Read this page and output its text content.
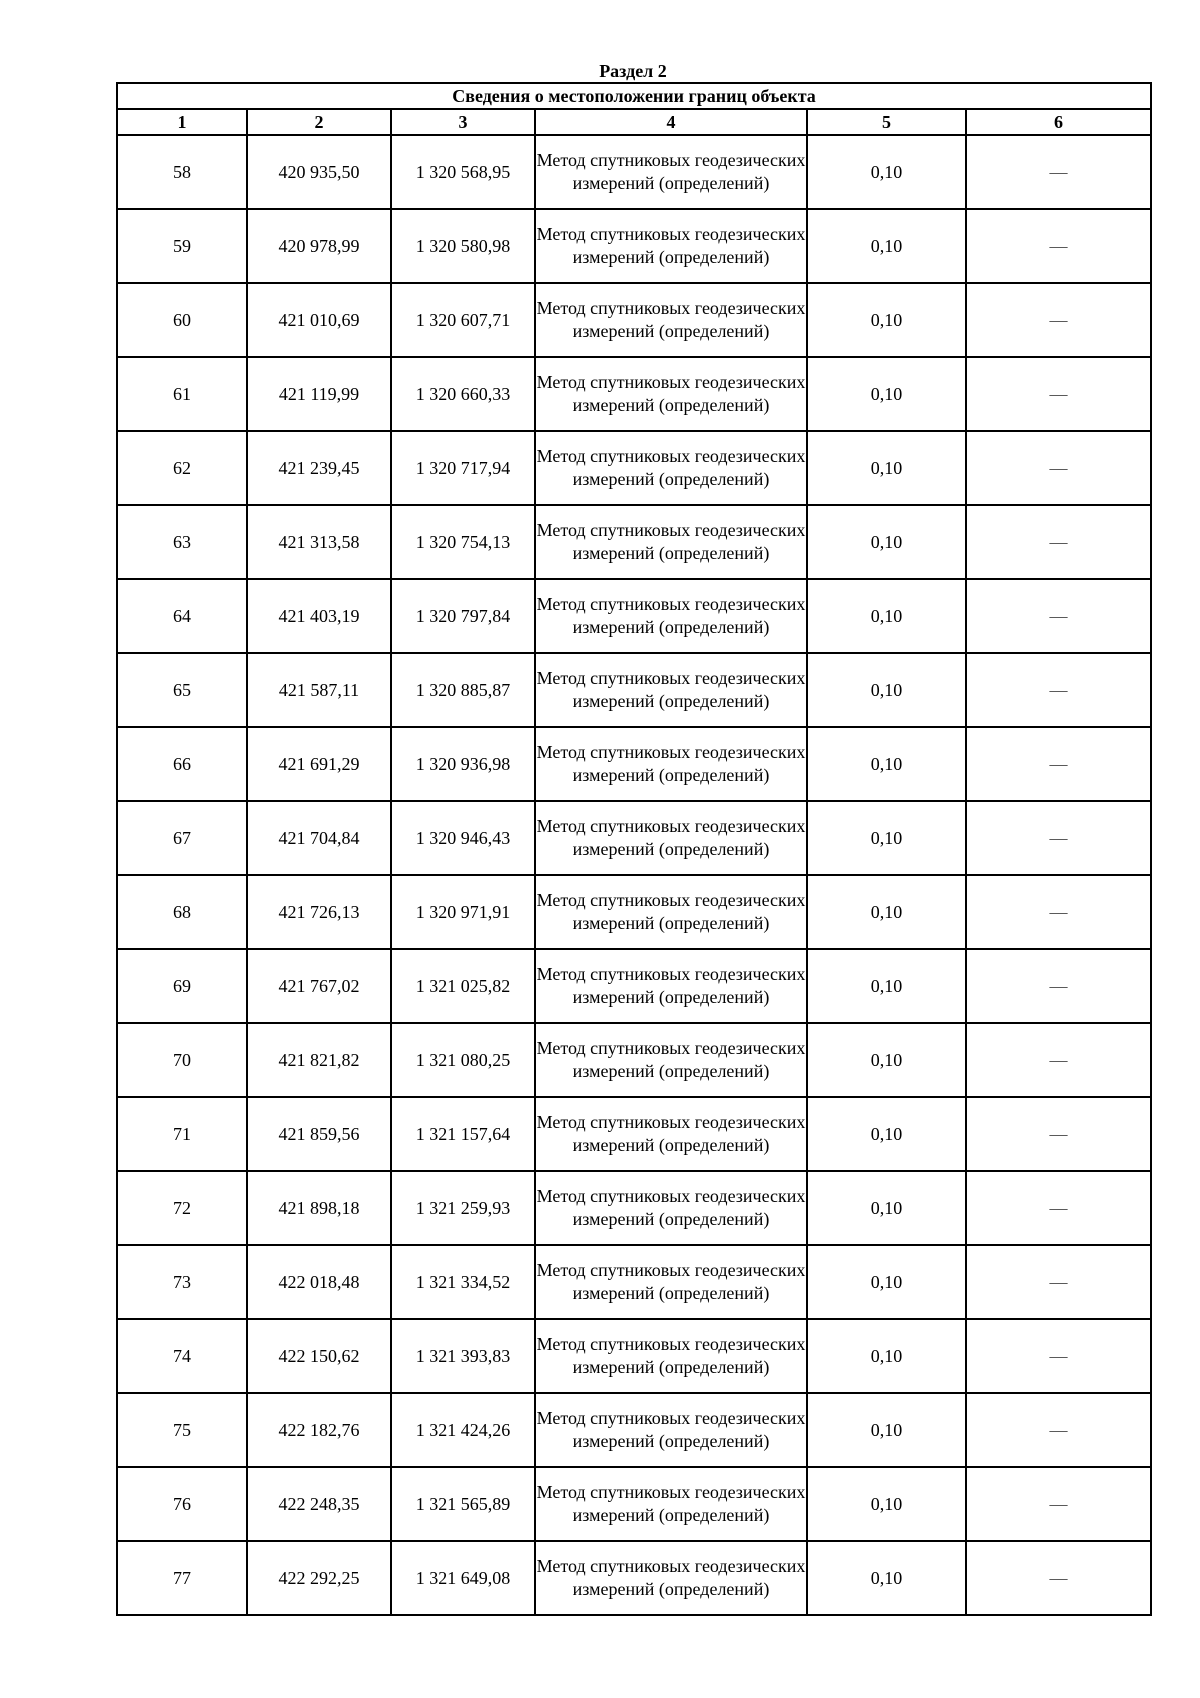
Раздел 2
Сведения о местоположении границ объекта					
1	2	3	4	5	6
58	420 935,50	1 320 568,95	Метод спутниковых геодезических измерений (определений)	0,10	—
59	420 978,99	1 320 580,98	Метод спутниковых геодезических измерений (определений)	0,10	—
60	421 010,69	1 320 607,71	Метод спутниковых геодезических измерений (определений)	0,10	—
61	421 119,99	1 320 660,33	Метод спутниковых геодезических измерений (определений)	0,10	—
62	421 239,45	1 320 717,94	Метод спутниковых геодезических измерений (определений)	0,10	—
63	421 313,58	1 320 754,13	Метод спутниковых геодезических измерений (определений)	0,10	—
64	421 403,19	1 320 797,84	Метод спутниковых геодезических измерений (определений)	0,10	—
65	421 587,11	1 320 885,87	Метод спутниковых геодезических измерений (определений)	0,10	—
66	421 691,29	1 320 936,98	Метод спутниковых геодезических измерений (определений)	0,10	—
67	421 704,84	1 320 946,43	Метод спутниковых геодезических измерений (определений)	0,10	—
68	421 726,13	1 320 971,91	Метод спутниковых геодезических измерений (определений)	0,10	—
69	421 767,02	1 321 025,82	Метод спутниковых геодезических измерений (определений)	0,10	—
70	421 821,82	1 321 080,25	Метод спутниковых геодезических измерений (определений)	0,10	—
71	421 859,56	1 321 157,64	Метод спутниковых геодезических измерений (определений)	0,10	—
72	421 898,18	1 321 259,93	Метод спутниковых геодезических измерений (определений)	0,10	—
73	422 018,48	1 321 334,52	Метод спутниковых геодезических измерений (определений)	0,10	—
74	422 150,62	1 321 393,83	Метод спутниковых геодезических измерений (определений)	0,10	—
75	422 182,76	1 321 424,26	Метод спутниковых геодезических измерений (определений)	0,10	—
76	422 248,35	1 321 565,89	Метод спутниковых геодезических измерений (определений)	0,10	—
77	422 292,25	1 321 649,08	Метод спутниковых геодезических измерений (определений)	0,10	—
